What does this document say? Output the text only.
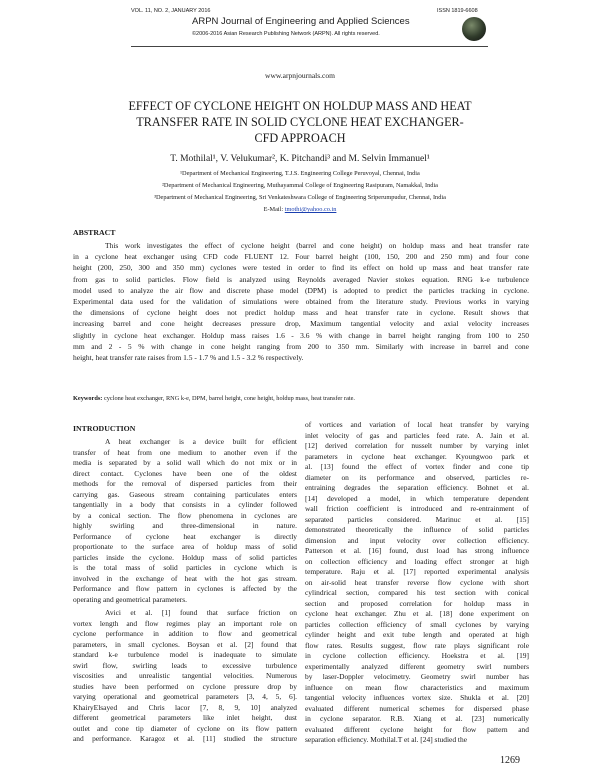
VOL. 11, NO. 2, JANUARY 2016	ISSN 1819-6608
ARPN Journal of Engineering and Applied Sciences
©2006-2016 Asian Research Publishing Network (ARPN). All rights reserved.
www.arpnjournals.com
EFFECT OF CYCLONE HEIGHT ON HOLDUP MASS AND HEAT
TRANSFER RATE IN SOLID CYCLONE HEAT EXCHANGER-
CFD APPROACH
T. Mothilal¹, V. Velukumar², K. Pitchandi³ and M. Selvin Immanuel¹
¹Department of Mechanical Engineering, T.J.S. Engineering College Peruvoyal, Chennai, India
²Department of Mechanical Engineering, Muthayammal College of Engineering Rasipuram, Namakkal, India
³Department of Mechanical Engineering, Sri Venkateshwara College of Engineering Sriperumpudur, Chennai, India
E-Mail: tmothi@yahoo.co.in
ABSTRACT
This work investigates the effect of cyclone height (barrel and cone height) on holdup mass and heat transfer rate
in a cyclone heat exchanger using CFD code FLUENT 12. Four barrel height (100, 150, 200 and 250 mm) and four cone
height (200, 250, 300 and 350 mm) cyclones were tested in order to find its effect on hold up mass and heat transfer rate
from gas to solid particles. Flow field is analyzed using Reynolds averaged Navier stokes equation. RNG k-e turbulence
model used to analyze the air flow and discrete phase model (DPM) is adopted to predict the particles tracking in cyclone.
Experimental data used for the validation of simulations were obtained from the literature study. Previous works in varying
the dimensions of cyclone height does not predict holdup mass and heat transfer rate in cyclone. Result shows that
increasing barrel and cone height decreases pressure drop, Maximum tangential velocity and axial velocity increases
slightly in cyclone heat exchanger. Holdup mass raises 1.6 - 3.6 % with change in barrel height ranging from 100 to 250
mm and 2 - 5 % with change in cone height ranging from 200 to 350 mm. Similarly with increase in barrel and cone
height, heat transfer rate raises from 1.5 - 1.7 % and 1.5 - 3.2 % respectively.
Keywords: cyclone heat exchanger, RNG k-e, DPM, barrel height, cone height, holdup mass, heat transfer rate.
INTRODUCTION
A heat exchanger is a device built for efficient
transfer of heat from one medium to another even if the
media is separated by a solid wall which do not mix or in
direct contact. Cyclones have been one of the oldest
methods for the removal of dispersed particles from their
carrying gas. Gaseous stream containing particulates enters
tangentially in a body that consists in a cylinder followed
by a conical section. The flow phenomena in cyclones are
highly swirling and three-dimensional in nature.
Performance of cyclone heat exchanger is directly
proportionate to the surface area of holdup mass of solid
particles inside the cyclone. Holdup mass of solid particles
is the total mass of solid particles in cyclone which is
involved in the exchange of heat with the hot gas stream.
Performance and flow pattern in cyclones is affected by the
operating and geometrical parameters.
Avici et al. [1] found that surface friction on
vortex length and flow regimes play an important role on
cyclone performance in addition to flow and geometrical
parameters, in small cyclones. Boysan et al. [2] found that
standard k-e turbulence model is inadequate to simulate
swirl flow, swirling leads to excessive turbulence
viscosities and unrealistic tangential velocities. Numerous
studies have been performed on cyclone pressure drop by
varying operational and geometrical parameters [3, 4, 5, 6].
KhairyElsayed and Chris lacor [7, 8, 9, 10] analyzed
different geometrical parameters like inlet height, dust
outlet and cone tip diameter of cyclone on its flow pattern
and performance. Karagoz et al. [11] studied the structure
of vortices and variation of local heat transfer by varying
inlet velocity of gas and particles feed rate. A. Jain et al.
[12] derived correlation for nusselt number by varying inlet
parameters in cyclone heat exchanger. Kyoungwoo park et
al. [13] found the effect of vortex finder and cone tip
diameter on its performance and observed, particles re-
entraining degrades the separation efficiency. Bohnet et al.
[14] developed a model, in which temperature dependent
wall friction coefficient is introduced and re-entrainment of
separated particles considered. Marinuc et al. [15]
demonstrated theoretically the influence of solid particles
dimension and input velocity over collection efficiency.
Patterson et al. [16] found, dust load has strong influence
on collection efficiency and loading effect stronger at high
temperature. Raju et al. [17] reported experimental analysis
on air-solid heat transfer reverse flow cyclone with short
cylindrical section, compared his test section with conical
section and proposed correlation for holdup mass in
cyclone heat exchanger. Zhu et al. [18] done experiment on
particles collection efficiency of small cyclones by varying
cylinder height and exit tube length and operated at high
flow rates. Results suggest, flow rate plays significant role
in cyclone collection efficiency. Hoekstra et al. [19]
experimentally analyzed different geometry swirl numbers
by laser-Doppler velocimetry. Geometry swirl number has
influence on mean flow characteristics and maximum
tangential velocity influences vortex size. Shukla et al. [20]
evaluated different numerical schemes for dispersed phase
in cyclone separator. R.B. Xiang et al. [23] numerically
evaluated different cyclone height for flow pattern and
separation efficiency. Mothilal.T et al. [24] studied the
1269
